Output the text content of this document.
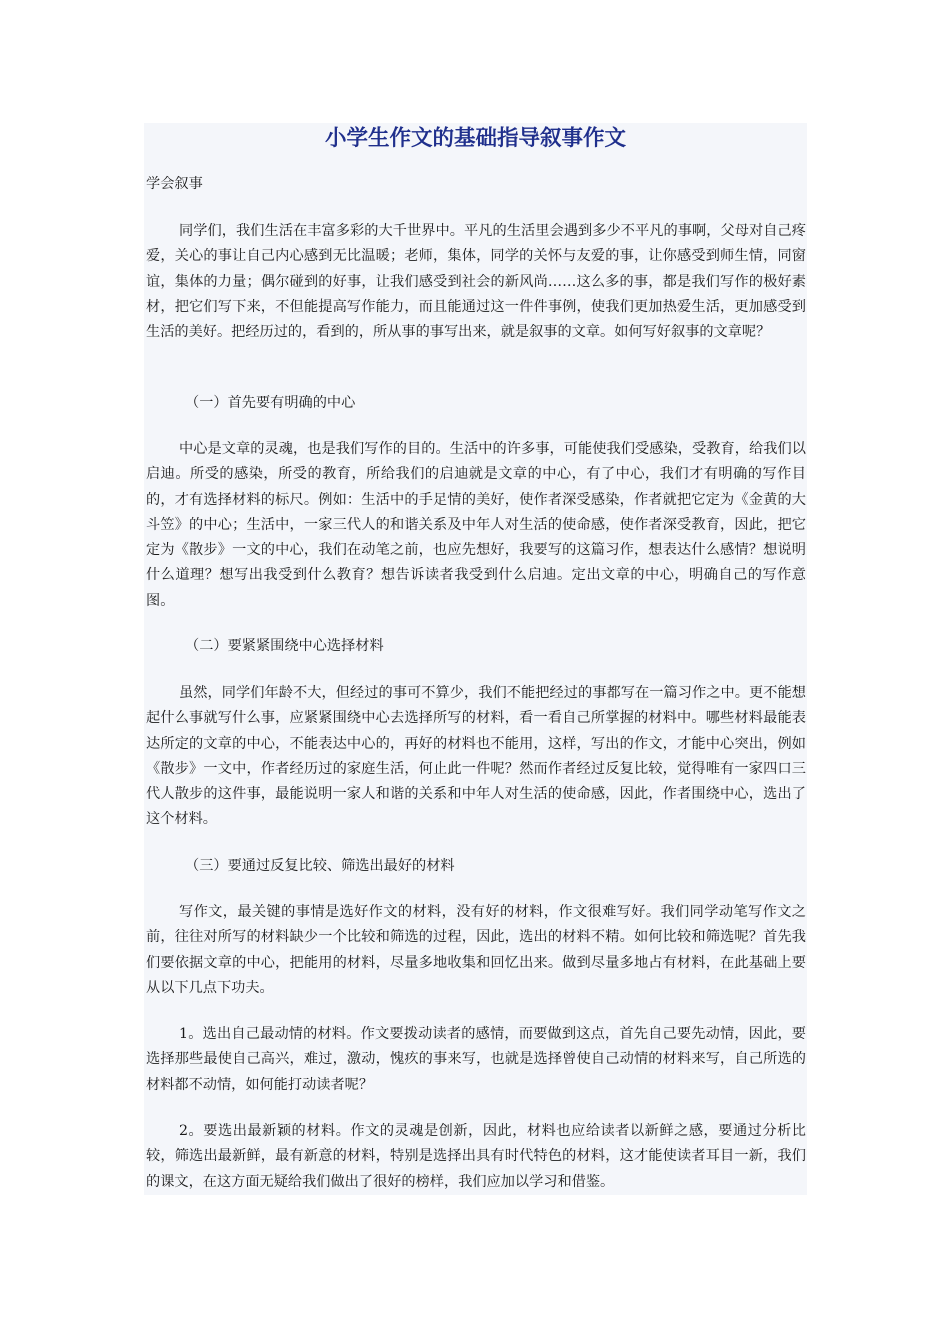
小学生作文的基础指导叙事作文

学会叙事

同学们，我们生活在丰富多彩的大千世界中。平凡的生活里会遇到多少不平凡的事啊，父母对自己疼爱，关心的事让自己内心感到无比温暖；老师，集体，同学的关怀与友爱的事，让你感受到师生情，同窗谊，集体的力量；偶尔碰到的好事，让我们感受到社会的新风尚……这么多的事，都是我们写作的极好素材，把它们写下来，不但能提高写作能力，而且能通过这一件件事例，使我们更加热爱生活，更加感受到生活的美好。把经历过的，看到的，所从事的事写出来，就是叙事的文章。如何写好叙事的文章呢？

（一）首先要有明确的中心

中心是文章的灵魂，也是我们写作的目的。生活中的许多事，可能使我们受感染，受教育，给我们以启迪。所受的感染，所受的教育，所给我们的启迪就是文章的中心，有了中心，我们才有明确的写作目的，才有选择材料的标尺。例如：生活中的手足情的美好，使作者深受感染，作者就把它定为《金黄的大斗笠》的中心；生活中，一家三代人的和谐关系及中年人对生活的使命感，使作者深受教育，因此，把它定为《散步》一文的中心，我们在动笔之前，也应先想好，我要写的这篇习作，想表达什么感情？想说明什么道理？想写出我受到什么教育？想告诉读者我受到什么启迪。定出文章的中心，明确自己的写作意图。

（二）要紧紧围绕中心选择材料

虽然，同学们年龄不大，但经过的事可不算少，我们不能把经过的事都写在一篇习作之中。更不能想起什么事就写什么事，应紧紧围绕中心去选择所写的材料，看一看自己所掌握的材料中。哪些材料最能表达所定的文章的中心，不能表达中心的，再好的材料也不能用，这样，写出的作文，才能中心突出，例如《散步》一文中，作者经历过的家庭生活，何止此一件呢？然而作者经过反复比较，觉得唯有一家四口三代人散步的这件事，最能说明一家人和谐的关系和中年人对生活的使命感，因此，作者围绕中心，选出了这个材料。

（三）要通过反复比较、筛选出最好的材料

写作文，最关键的事情是选好作文的材料，没有好的材料，作文很难写好。我们同学动笔写作文之前，往往对所写的材料缺少一个比较和筛选的过程，因此，选出的材料不精。如何比较和筛选呢？首先我们要依据文章的中心，把能用的材料，尽量多地收集和回忆出来。做到尽量多地占有材料，在此基础上要从以下几点下功夫。

1。选出自己最动情的材料。作文要拨动读者的感情，而要做到这点，首先自己要先动情，因此，要选择那些最使自己高兴，难过，激动，愧疚的事来写，也就是选择曾使自己动情的材料来写，自己所选的材料都不动情，如何能打动读者呢？

2。要选出最新颖的材料。作文的灵魂是创新，因此，材料也应给读者以新鲜之感，要通过分析比较，筛选出最新鲜，最有新意的材料，特别是选择出具有时代特色的材料，这才能使读者耳目一新，我们的课文，在这方面无疑给我们做出了很好的榜样，我们应加以学习和借鉴。
